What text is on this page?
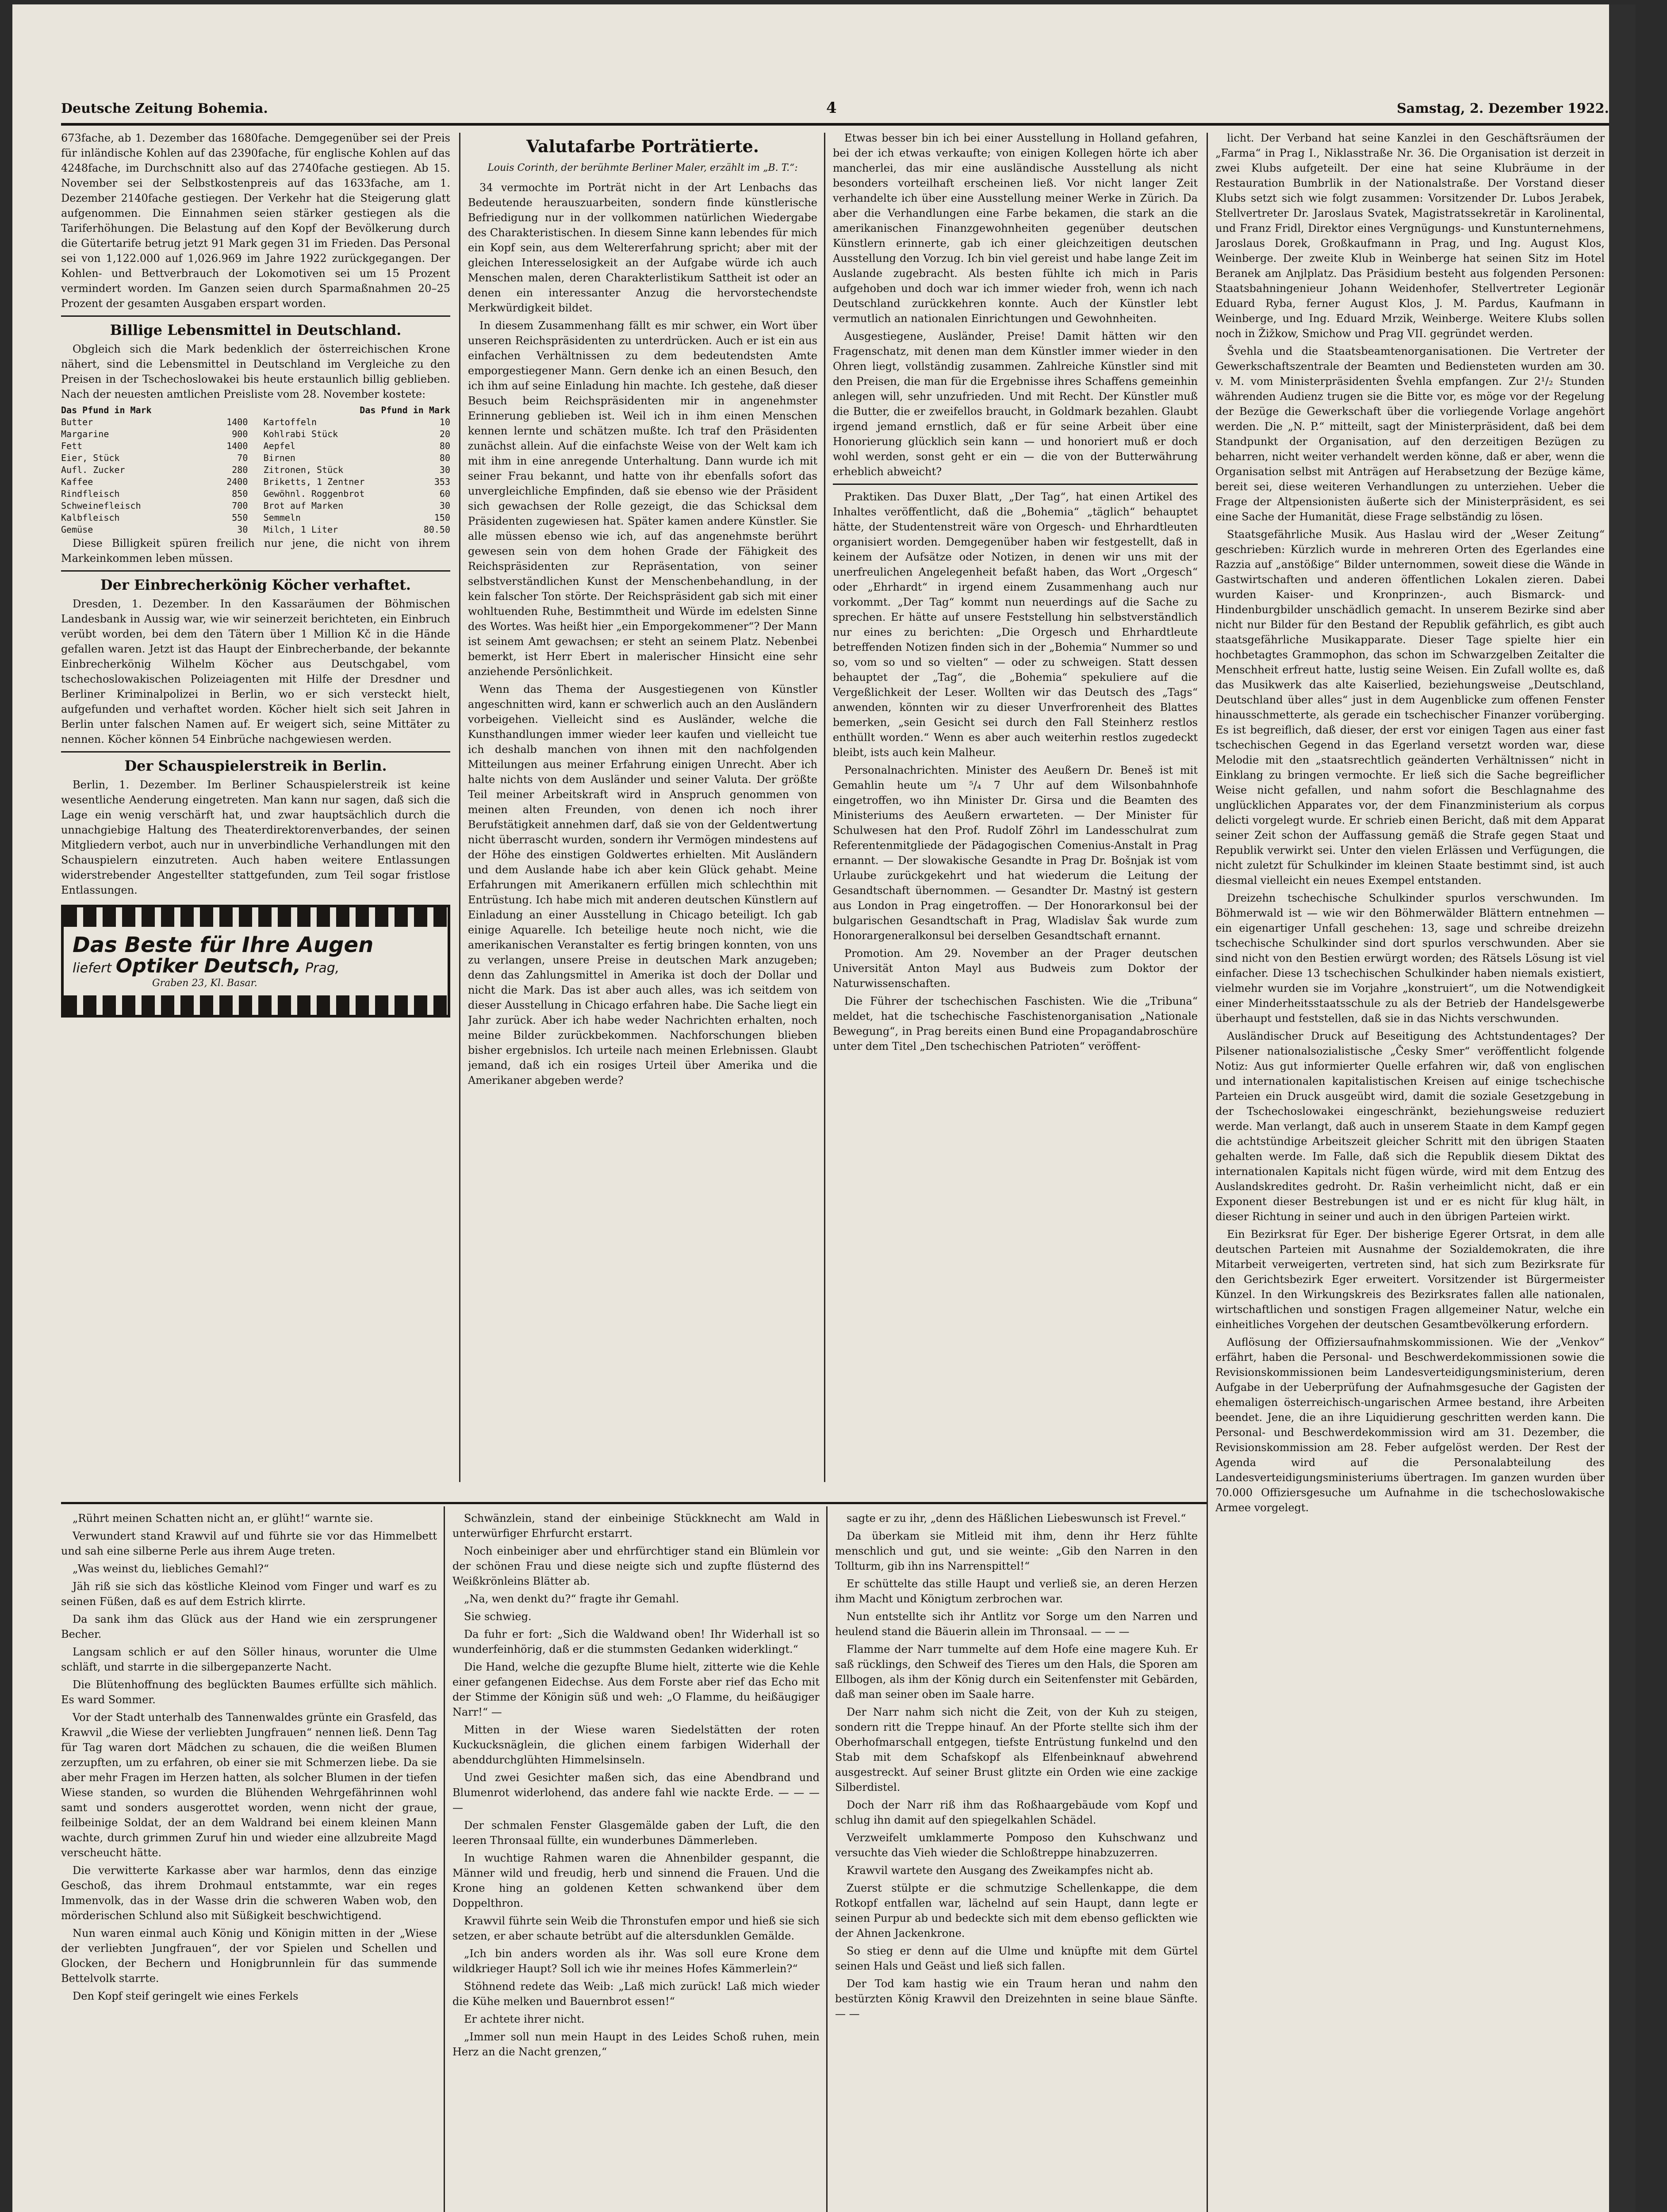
Deutsche Zeitung Bohemia.	4	Samstag, 2. Dezember 1922.

673fache, ab 1. Dezember das 1680fache. Demgegenüber sei der Preis für inländische Kohlen auf das 2390fache, für englische Kohlen auf das 4248fache, im Durchschnitt also auf das 2740fache gestiegen. Ab 15. November sei der Selbstkostenpreis auf das 1633fache, am 1. Dezember 2140fache gestiegen. Der Verkehr hat die Steigerung glatt aufgenommen. Die Einnahmen seien stärker gestiegen als die Tariferhöhungen. Die Belastung auf den Kopf der Bevölkerung durch die Gütertarife betrug jetzt 91 Mark gegen 31 im Frieden. Das Personal sei von 1,122.000 auf 1,026.969 im Jahre 1922 zurückgegangen. Der Kohlen- und Bettverbrauch der Lokomotiven sei um 15 Prozent vermindert worden. Im Ganzen seien durch Sparmaßnahmen 20–25 Prozent der gesamten Ausgaben erspart worden.

Billige Lebensmittel in Deutschland.

Obgleich sich die Mark bedenklich der österreichischen Krone nähert, sind die Lebensmittel in Deutschland im Vergleiche zu den Preisen in der Tschechoslowakei bis heute erstaunlich billig geblieben. Nach der neuesten amtlichen Preisliste vom 28. November kostete:

Das Pfund in Mark	Das Pfund in Mark
Butter	1400 Kartoffeln	10
Margarine	900 Kohlrabi Stück	20
Fett	1400 Aepfel	80
Eier, Stück	70 Birnen	80
Aufl. Zucker	280 Zitronen, Stück	30
Kaffee	2400 Briketts, 1 Zentner	353
Rindfleisch	850 Gewöhnl. Roggenbrot	60
Schweinefleisch	700 Brot auf Marken	30
Kalbfleisch	550 Semmeln	150
Gemüse	30 Milch, 1 Liter	80.50

Diese Billigkeit spüren freilich nur jene, die nicht von ihrem Markeinkommen leben müssen.

Der Einbrecherkönig Köcher verhaftet.

Dresden, 1. Dezember. In den Kassaräumen der Böhmischen Landesbank in Aussig war, wie wir seinerzeit berichteten, ein Einbruch verübt worden, bei dem den Tätern über 1 Million Kč in die Hände gefallen waren. Jetzt ist das Haupt der Einbrecherbande, der bekannte Einbrecherkönig Wilhelm Köcher aus Deutschgabel, vom tschechoslowakischen Polizeiagenten mit Hilfe der Dresdner und Berliner Kriminalpolizei in Berlin, wo er sich versteckt hielt, aufgefunden und verhaftet worden. Köcher hielt sich seit Jahren in Berlin unter falschen Namen auf. Er weigert sich, seine Mittäter zu nennen. Köcher können 54 Einbrüche nachgewiesen werden.

Der Schauspielerstreik in Berlin.

Berlin, 1. Dezember. Im Berliner Schauspielerstreik ist keine wesentliche Aenderung eingetreten. Man kann nur sagen, daß sich die Lage ein wenig verschärft hat, und zwar hauptsächlich durch die unnachgiebige Haltung des Theaterdirektorenverbandes, der seinen Mitgliedern verbot, auch nur in unverbindliche Verhandlungen mit den Schauspielern einzutreten. Auch haben weitere Entlassungen widerstrebender Angestellter stattgefunden, zum Teil sogar fristlose Entlassungen.

Das Beste für Ihre Augen
liefert Optiker Deutsch, Prag,
Graben 23, Kl. Basar.
Valutafarbe Porträtierte.
Louis Corinth, der berühmte Berliner Maler, erzählt im „B. T.“:

34 vermochte im Porträt nicht in der Art Lenbachs das Bedeutende herauszuarbeiten, sondern finde künstlerische Befriedigung nur in der vollkommen natürlichen Wiedergabe des Charakteristischen. In diesem Sinne kann lebendes für mich ein Kopf sein, aus dem Weltererfahrung spricht; aber mit der gleichen Interesselosigkeit an der Aufgabe würde ich auch Menschen malen, deren Charakterlistikum Sattheit ist oder an denen ein interessanter Anzug die hervorstechendste Merkwürdigkeit bildet.

In diesem Zusammenhang fällt es mir schwer, ein Wort über unseren Reichspräsidenten zu unterdrücken. Auch er ist ein aus einfachen Verhältnissen zu dem bedeutendsten Amte emporgestiegener Mann. Gern denke ich an einen Besuch, den ich ihm auf seine Einladung hin machte. Ich gestehe, daß dieser Besuch beim Reichspräsidenten mir in angenehmster Erinnerung geblieben ist. Weil ich in ihm einen Menschen kennen lernte und schätzen mußte. Ich traf den Präsidenten zunächst allein. Auf die einfachste Weise von der Welt kam ich mit ihm in eine anregende Unterhaltung. Dann wurde ich mit seiner Frau bekannt, und hatte von ihr ebenfalls sofort das unvergleichliche Empfinden, daß sie ebenso wie der Präsident sich gewachsen der Rolle gezeigt, die das Schicksal dem Präsidenten zugewiesen hat. Später kamen andere Künstler. Sie alle müssen ebenso wie ich, auf das angenehmste berührt gewesen sein von dem hohen Grade der Fähigkeit des Reichspräsidenten zur Repräsentation, von seiner selbstverständlichen Kunst der Menschenbehandlung, in der kein falscher Ton störte. Der Reichspräsident gab sich mit einer wohltuenden Ruhe, Bestimmtheit und Würde im edelsten Sinne des Wortes. Was heißt hier „ein Emporgekommener“? Der Mann ist seinem Amt gewachsen; er steht an seinem Platz. Nebenbei bemerkt, ist Herr Ebert in malerischer Hinsicht eine sehr anziehende Persönlichkeit.

Wenn das Thema der Ausgestiegenen von Künstler angeschnitten wird, kann er schwerlich auch an den Ausländern vorbeigehen. Vielleicht sind es Ausländer, welche die Kunsthandlungen immer wieder leer kaufen und vielleicht tue ich deshalb manchen von ihnen mit den nachfolgenden Mitteilungen aus meiner Erfahrung einigen Unrecht. Aber ich halte nichts von dem Ausländer und seiner Valuta. Der größte Teil meiner Arbeitskraft wird in Anspruch genommen von meinen alten Freunden, von denen ich noch ihrer Berufstätigkeit annehmen darf, daß sie von der Geldentwertung nicht überrascht wurden, sondern ihr Vermögen mindestens auf der Höhe des einstigen Goldwertes erhielten. Mit Ausländern und dem Auslande habe ich aber kein Glück gehabt. Meine Erfahrungen mit Amerikanern erfüllen mich schlechthin mit Entrüstung. Ich habe mich mit anderen deutschen Künstlern auf Einladung an einer Ausstellung in Chicago beteiligt. Ich gab einige Aquarelle. Ich beteilige heute noch nicht, wie die amerikanischen Veranstalter es fertig bringen konnten, von uns zu verlangen, unsere Preise in deutschen Mark anzugeben; denn das Zahlungsmittel in Amerika ist doch der Dollar und nicht die Mark. Das ist aber auch alles, was ich seitdem von dieser Ausstellung in Chicago erfahren habe. Die Sache liegt ein Jahr zurück. Aber ich habe weder Nachrichten erhalten, noch meine Bilder zurückbekommen. Nachforschungen blieben bisher ergebnislos. Ich urteile nach meinen Erlebnissen. Glaubt jemand, daß ich ein rosiges Urteil über Amerika und die Amerikaner abgeben werde?

Etwas besser bin ich bei einer Ausstellung in Holland gefahren, bei der ich etwas verkaufte; von einigen Kollegen hörte ich aber mancherlei, das mir eine ausländische Ausstellung als nicht besonders vorteilhaft erscheinen ließ. Vor nicht langer Zeit verhandelte ich über eine Ausstellung meiner Werke in Zürich. Da aber die Verhandlungen eine Farbe bekamen, die stark an die amerikanischen Finanzgewohnheiten gegenüber deutschen Künstlern erinnerte, gab ich einer gleichzeitigen deutschen Ausstellung den Vorzug. Ich bin viel gereist und habe lange Zeit im Auslande zugebracht. Als besten fühlte ich mich in Paris aufgehoben und doch war ich immer wieder froh, wenn ich nach Deutschland zurückkehren konnte. Auch der Künstler lebt vermutlich an nationalen Einrichtungen und Gewohnheiten.

Ausgestiegene, Ausländer, Preise! Damit hätten wir den Fragenschatz, mit denen man dem Künstler immer wieder in den Ohren liegt, vollständig zusammen. Zahlreiche Künstler sind mit den Preisen, die man für die Ergebnisse ihres Schaffens gemeinhin anlegen will, sehr unzufrieden. Und mit Recht. Der Künstler muß die Butter, die er zweifellos braucht, in Goldmark bezahlen. Glaubt irgend jemand ernstlich, daß er für seine Arbeit über eine Honorierung glücklich sein kann — und honoriert muß er doch wohl werden, sonst geht er ein — die von der Butterwährung erheblich abweicht?

Praktiken. Das Duxer Blatt, „Der Tag“, hat einen Artikel des Inhaltes veröffentlicht, daß die „Bohemia“ „täglich“ behauptet hätte, der Studentenstreit wäre von Orgesch- und Ehrhardtleuten organisiert worden. Demgegenüber haben wir festgestellt, daß in keinem der Aufsätze oder Notizen, in denen wir uns mit der unerfreulichen Angelegenheit befaßt haben, das Wort „Orgesch“ oder „Ehrhardt“ in irgend einem Zusammenhang auch nur vorkommt. „Der Tag“ kommt nun neuerdings auf die Sache zu sprechen. Er hätte auf unsere Feststellung hin selbstverständlich nur eines zu berichten: „Die Orgesch und Ehrhardtleute betreffenden Notizen finden sich in der „Bohemia“ Nummer so und so, vom so und so vielten“ — oder zu schweigen. Statt dessen behauptet der „Tag“, die „Bohemia“ spekuliere auf die Vergeßlichkeit der Leser. Wollten wir das Deutsch des „Tags“ anwenden, könnten wir zu dieser Unverfrorenheit des Blattes bemerken, „sein Gesicht sei durch den Fall Steinherz restlos enthüllt worden.“ Wenn es aber auch weiterhin restlos zugedeckt bleibt, ists auch kein Malheur.

Personalnachrichten. Minister des Aeußern Dr. Beneš ist mit Gemahlin heute um ⁵/₄ 7 Uhr auf dem Wilsonbahnhofe eingetroffen, wo ihn Minister Dr. Girsa und die Beamten des Ministeriums des Aeußern erwarteten. — Der Minister für Schulwesen hat den Prof. Rudolf Zöhrl im Landesschulrat zum Referentenmitgliede der Pädagogischen Comenius-Anstalt in Prag ernannt. — Der slowakische Gesandte in Prag Dr. Bošnjak ist vom Urlaube zurückgekehrt und hat wiederum die Leitung der Gesandtschaft übernommen. — Gesandter Dr. Mastný ist gestern aus London in Prag eingetroffen. — Der Honorarkonsul bei der bulgarischen Gesandtschaft in Prag, Wladislav Šak wurde zum Honorargeneralkonsul bei derselben Gesandtschaft ernannt.

Promotion. Am 29. November an der Prager deutschen Universität Anton Mayl aus Budweis zum Doktor der Naturwissenschaften.

Die Führer der tschechischen Faschisten. Wie die „Tribuna“ meldet, hat die tschechische Faschistenorganisation „Nationale Bewegung“, in Prag bereits einen Bund eine Propagandabroschüre unter dem Titel „Den tschechischen Patrioten“ veröffent-

licht. Der Verband hat seine Kanzlei in den Geschäftsräumen der „Farma“ in Prag I., Niklasstraße Nr. 36. Die Organisation ist derzeit in zwei Klubs aufgeteilt. Der eine hat seine Klubräume in der Restauration Bumbrlik in der Nationalstraße. Der Vorstand dieser Klubs setzt sich wie folgt zusammen: Vorsitzender Dr. Lubos Jerabek, Stellvertreter Dr. Jaroslaus Svatek, Magistratssekretär in Karolinental, und Franz Fridl, Direktor eines Vergnügungs- und Kunstunternehmens, Jaroslaus Dorek, Großkaufmann in Prag, und Ing. August Klos, Weinberge. Der zweite Klub in Weinberge hat seinen Sitz im Hotel Beranek am Anjlplatz. Das Präsidium besteht aus folgenden Personen: Staatsbahningenieur Johann Weidenhofer, Stellvertreter Legionär Eduard Ryba, ferner August Klos, J. M. Pardus, Kaufmann in Weinberge, und Ing. Eduard Mrzik, Weinberge. Weitere Klubs sollen noch in Žižkow, Smichow und Prag VII. gegründet werden.

Švehla und die Staatsbeamtenorganisationen. Die Vertreter der Gewerkschaftszentrale der Beamten und Bediensteten wurden am 30. v. M. vom Ministerpräsidenten Švehla empfangen. Zur 2¹/₂ Stunden währenden Audienz trugen sie die Bitte vor, es möge vor der Regelung der Bezüge die Gewerkschaft über die vorliegende Vorlage angehört werden. Die „N. P.“ mitteilt, sagt der Ministerpräsident, daß bei dem Standpunkt der Organisation, auf den derzeitigen Bezügen zu beharren, nicht weiter verhandelt werden könne, daß er aber, wenn die Organisation selbst mit Anträgen auf Herabsetzung der Bezüge käme, bereit sei, diese weiteren Verhandlungen zu unterziehen. Ueber die Frage der Altpensionisten äußerte sich der Ministerpräsident, es sei eine Sache der Humanität, diese Frage selbständig zu lösen.

Staatsgefährliche Musik. Aus Haslau wird der „Weser Zeitung“ geschrieben: Kürzlich wurde in mehreren Orten des Egerlandes eine Razzia auf „anstößige“ Bilder unternommen, soweit diese die Wände in Gastwirtschaften und anderen öffentlichen Lokalen zieren. Dabei wurden Kaiser- und Kronprinzen-, auch Bismarck- und Hindenburgbilder unschädlich gemacht. In unserem Bezirke sind aber nicht nur Bilder für den Bestand der Republik gefährlich, es gibt auch staatsgefährliche Musikapparate. Dieser Tage spielte hier ein hochbetagtes Grammophon, das schon im Schwarzgelben Zeitalter die Menschheit erfreut hatte, lustig seine Weisen. Ein Zufall wollte es, daß das Musikwerk das alte Kaiserlied, beziehungsweise „Deutschland, Deutschland über alles“ just in dem Augenblicke zum offenen Fenster hinausschmetterte, als gerade ein tschechischer Finanzer vorüberging. Es ist begreiflich, daß dieser, der erst vor einigen Tagen aus einer fast tschechischen Gegend in das Egerland versetzt worden war, diese Melodie mit den „staatsrechtlich geänderten Verhältnissen“ nicht in Einklang zu bringen vermochte. Er ließ sich die Sache begreiflicher Weise nicht gefallen, und nahm sofort die Beschlagnahme des unglücklichen Apparates vor, der dem Finanzministerium als corpus delicti vorgelegt wurde. Er schrieb einen Bericht, daß mit dem Apparat seiner Zeit schon der Auffassung gemäß die Strafe gegen Staat und Republik verwirkt sei. Unter den vielen Erlässen und Verfügungen, die nicht zuletzt für Schulkinder im kleinen Staate bestimmt sind, ist auch diesmal vielleicht ein neues Exempel entstanden.

Dreizehn tschechische Schulkinder spurlos verschwunden. Im Böhmerwald ist — wie wir den Böhmerwälder Blättern entnehmen — ein eigenartiger Unfall geschehen: 13, sage und schreibe dreizehn tschechische Schulkinder sind dort spurlos verschwunden. Aber sie sind nicht von den Bestien erwürgt worden; des Rätsels Lösung ist viel einfacher. Diese 13 tschechischen Schulkinder haben niemals existiert, vielmehr wurden sie im Vorjahre „konstruiert“, um die Notwendigkeit einer Minderheitsstaatsschule zu als der Betrieb der Handelsgewerbe überhaupt und feststellen, daß sie in das Nichts verschwunden.

Ausländischer Druck auf Beseitigung des Achtstundentages? Der Pilsener nationalsozialistische „Česky Smer“ veröffentlicht folgende Notiz: Aus gut informierter Quelle erfahren wir, daß von englischen und internationalen kapitalistischen Kreisen auf einige tschechische Parteien ein Druck ausgeübt wird, damit die soziale Gesetzgebung in der Tschechoslowakei eingeschränkt, beziehungsweise reduziert werde. Man verlangt, daß auch in unserem Staate in dem Kampf gegen die achtstündige Arbeitszeit gleicher Schritt mit den übrigen Staaten gehalten werde. Im Falle, daß sich die Republik diesem Diktat des internationalen Kapitals nicht fügen würde, wird mit dem Entzug des Auslandskredites gedroht. Dr. Rašin verheimlicht nicht, daß er ein Exponent dieser Bestrebungen ist und er es nicht für klug hält, in dieser Richtung in seiner und auch in den übrigen Parteien wirkt.

Ein Bezirksrat für Eger. Der bisherige Egerer Ortsrat, in dem alle deutschen Parteien mit Ausnahme der Sozialdemokraten, die ihre Mitarbeit verweigerten, vertreten sind, hat sich zum Bezirksrate für den Gerichtsbezirk Eger erweitert. Vorsitzender ist Bürgermeister Künzel. In den Wirkungskreis des Bezirksrates fallen alle nationalen, wirtschaftlichen und sonstigen Fragen allgemeiner Natur, welche ein einheitliches Vorgehen der deutschen Gesamtbevölkerung erfordern.

Auflösung der Offiziersaufnahmskommissionen. Wie der „Venkov“ erfährt, haben die Personal- und Beschwerdekommissionen sowie die Revisionskommissionen beim Landesverteidigungsministerium, deren Aufgabe in der Ueberprüfung der Aufnahmsgesuche der Gagisten der ehemaligen österreichisch-ungarischen Armee bestand, ihre Arbeiten beendet. Jene, die an ihre Liquidierung geschritten werden kann. Die Personal- und Beschwerdekommission wird am 31. Dezember, die Revisionskommission am 28. Feber aufgelöst werden. Der Rest der Agenda wird auf die Personalabteilung des Landesverteidigungsministeriums übertragen. Im ganzen wurden über 70.000 Offiziersgesuche um Aufnahme in die tschechoslowakische Armee vorgelegt.

„Rührt meinen Schatten nicht an, er glüht!“ warnte sie.

Verwundert stand Krawvil auf und führte sie vor das Himmelbett und sah eine silberne Perle aus ihrem Auge treten.

„Was weinst du, liebliches Gemahl?“

Jäh riß sie sich das köstliche Kleinod vom Finger und warf es zu seinen Füßen, daß es auf dem Estrich klirrte.

Da sank ihm das Glück aus der Hand wie ein zersprungener Becher.

Langsam schlich er auf den Söller hinaus, worunter die Ulme schläft, und starrte in die silbergepanzerte Nacht.

Die Blütenhoffnung des beglückten Baumes erfüllte sich mählich. Es ward Sommer.

Vor der Stadt unterhalb des Tannenwaldes grünte ein Grasfeld, das Krawvil „die Wiese der verliebten Jungfrauen“ nennen ließ. Denn Tag für Tag waren dort Mädchen zu schauen, die die weißen Blumen zerzupften, um zu erfahren, ob einer sie mit Schmerzen liebe. Da sie aber mehr Fragen im Herzen hatten, als solcher Blumen in der tiefen Wiese standen, so wurden die Blühenden Wehrgefährinnen wohl samt und sonders ausgerottet worden, wenn nicht der graue, feilbeinige Soldat, der an dem Waldrand bei einem kleinen Mann wachte, durch grimmen Zuruf hin und wieder eine allzubreite Magd verscheucht hätte.

Die verwitterte Karkasse aber war harmlos, denn das einzige Geschoß, das ihrem Drohmaul entstammte, war ein reges Immenvolk, das in der Wasse drin die schweren Waben wob, den mörderischen Schlund also mit Süßigkeit beschwichtigend.

Nun waren einmal auch König und Königin mitten in der „Wiese der verliebten Jungfrauen“, der vor Spielen und Schellen und Glocken, der Bechern und Honigbrunnlein für das summende Bettelvolk starrte.

Den Kopf steif geringelt wie eines Ferkels

Schwänzlein, stand der einbeinige Stückknecht am Wald in unterwürfiger Ehrfurcht erstarrt.

Noch einbeiniger aber und ehrfürchtiger stand ein Blümlein vor der schönen Frau und diese neigte sich und zupfte flüsternd des Weißkrönleins Blätter ab.

„Na, wen denkt du?“ fragte ihr Gemahl.

Sie schwieg.

Da fuhr er fort: „Sich die Waldwand oben! Ihr Widerhall ist so wunderfeinhörig, daß er die stummsten Gedanken widerklingt.“

Die Hand, welche die gezupfte Blume hielt, zitterte wie die Kehle einer gefangenen Eidechse. Aus dem Forste aber rief das Echo mit der Stimme der Königin süß und weh: „O Flamme, du heißäugiger Narr!“ —

Mitten in der Wiese waren Siedelstätten der roten Kuckucksnäglein, die glichen einem farbigen Widerhall der abenddurchglühten Himmelsinseln.

Und zwei Gesichter maßen sich, das eine Abendbrand und Blumenrot widerlohend, das andere fahl wie nackte Erde. — — — —

Der schmalen Fenster Glasgemälde gaben der Luft, die den leeren Thronsaal füllte, ein wunderbunes Dämmerleben.

In wuchtige Rahmen waren die Ahnenbilder gespannt, die Männer wild und freudig, herb und sinnend die Frauen. Und die Krone hing an goldenen Ketten schwankend über dem Doppelthron.

Krawvil führte sein Weib die Thronstufen empor und hieß sie sich setzen, er aber schaute betrübt auf die altersdunklen Gemälde.

„Ich bin anders worden als ihr. Was soll eure Krone dem wildkrieger Haupt? Soll ich wie ihr meines Hofes Kämmerlein?“

Stöhnend redete das Weib: „Laß mich zurück! Laß mich wieder die Kühe melken und Bauernbrot essen!“

Er achtete ihrer nicht.

„Immer soll nun mein Haupt in des Leides Schoß ruhen, mein Herz an die Nacht grenzen,“

sagte er zu ihr, „denn des Häßlichen Liebeswunsch ist Frevel.“

Da überkam sie Mitleid mit ihm, denn ihr Herz fühlte menschlich und gut, und sie weinte: „Gib den Narren in den Tollturm, gib ihn ins Narrenspittel!“

Er schüttelte das stille Haupt und verließ sie, an deren Herzen ihm Macht und Königtum zerbrochen war.

Nun entstellte sich ihr Antlitz vor Sorge um den Narren und heulend stand die Bäuerin allein im Thronsaal. — — —

Flamme der Narr tummelte auf dem Hofe eine magere Kuh. Er saß rücklings, den Schweif des Tieres um den Hals, die Sporen am Ellbogen, als ihm der König durch ein Seitenfenster mit Gebärden, daß man seiner oben im Saale harre.

Der Narr nahm sich nicht die Zeit, von der Kuh zu steigen, sondern ritt die Treppe hinauf. An der Pforte stellte sich ihm der Oberhofmarschall entgegen, tiefste Entrüstung funkelnd und den Stab mit dem Schafskopf als Elfenbeinknauf abwehrend ausgestreckt. Auf seiner Brust glitzte ein Orden wie eine zackige Silberdistel.

Doch der Narr riß ihm das Roßhaargebäude vom Kopf und schlug ihn damit auf den spiegelkahlen Schädel.

Verzweifelt umklammerte Pomposo den Kuhschwanz und versuchte das Vieh wieder die Schloßtreppe hinabzuzerren.

Krawvil wartete den Ausgang des Zweikampfes nicht ab.

Zuerst stülpte er die schmutzige Schellenkappe, die dem Rotkopf entfallen war, lächelnd auf sein Haupt, dann legte er seinen Purpur ab und bedeckte sich mit dem ebenso geflickten wie der Ahnen Jackenkrone.

So stieg er denn auf die Ulme und knüpfte mit dem Gürtel seinen Hals und Geäst und ließ sich fallen.

Der Tod kam hastig wie ein Traum heran und nahm den bestürzten König Krawvil den Dreizehnten in seine blaue Sänfte. — —
